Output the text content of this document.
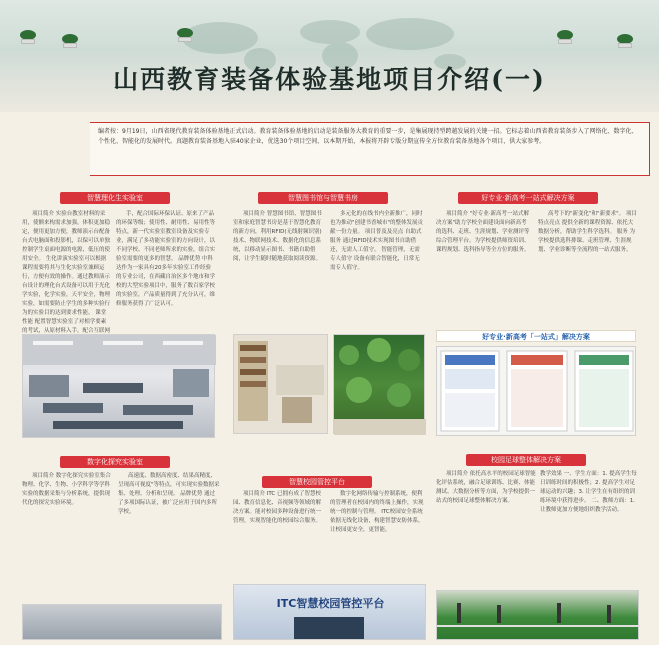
山西教育装备体验基地项目介绍(一)
编者按：9月19日，山西省现代教育装备体验基地正式启动。教育装备体验基地的启动是装备服务大教育的重要一步，是集展现持型跨越发展的关键一招。它标志着山西省教育装备步入了网络化、数字化、个性化、智能化的发展时代。真题教育装备基地入驻40家企业，优选30个项目空间，以本期开始，本报将开辟专版分期宣传全方位教育装备基地各个项目，供大家参考。
智慧理化生实验室	智慧图书馆与智慧书房	好专业·新高考一站式解决方案
项目简介 实验台教室材料的采用，使额来构需求加强，体积更加稳定，便用更加方便，教师演示台配备台式电脑面和投影机，以保可以单独控制学生桌面电源的电源，低压的使用安全。 生化讲演实验室可以根据课程需要将其与生化实验室兼顾运行，方便有效的操作。通过教师演示台设计的理化台式设备可以用于光化学实验，化学实验，天平安全，物理实验，如需要防止学生的多种实验行为的实验目的达到要求性能。 课堂性能 配置智慧实验室了对相学要素的考试，从原材料入手，配合互联网
手，配合国际环保认证、原来了产品的环保等级；使用性、耐用性、易用性等特点，新一代实验室教室设备及实验专业，满足了多功能实验室的方向设计，以不同学校、不同老师所求的实验，组合实验室需要的更多的智慧。 品牌优势 中科达作为一家具有20多年实验室工作经验的专业公司，在西藏自治区多个地市和学校的大型实验项目中，服务了数百家学校的实验室，产品质量得到了充分认可，维修服务获得了广泛认可。
项目简介 智慧图书馆、智慧图书室和家庭智慧书房是基于智慧化教育的新方向，利用RFID(无线射频识别)技术、物联网技术、数据化的信息系统，以移动显示图书、书籍自助借阅，让学生随时随地获取阅读资源。
多元化的在线书内全新推广，同时也为推动"创建书香城市"的整体发展贡献一份力量。 项目普及及亮点 自助式服务 通过RFID技术实现图书自助借还，无需人工值守。 智能管理，无需专人值守 设备有联合智能化，日常无需专人值守。
项目简介 "好专业·新高考一站式解决方案"助力学校全面建设面向新高考的选科、走班、生涯规划、学业测评等综合管理平台。为学校提供师资培训、课程规划、选科指导等全方位的服务。
高考下的"新变化"和"新要求"。 项目特点亮点 提供全新的课程资源、依托大数据分析，帮助学生科学选科。 服务 为学校提供选科排课、走班管理、生涯规划、学业诊断等全流程的一站式服务。
好专业·新高考「一站式」解决方案
数字化探究实验室
智慧校园管控平台
校园足球整体解决方案
项目简介 数字化探究实验室集合物理、化学、生物、小学科学等学科实验的数据采集与分析系统，提供现代化的探究实验环境。
高速度、数据高密度、结果高精度、呈现高可视度"等特点，可实现实验数据采集、处理、分析和呈现。 品牌优势 通过了多项国际认证，被广泛应用于国内多所学校。
项目简介 ITC 已拥有成了智慧校园、教育信息化、音视频等领域的解决方案。能对校园多种设备进行统一管理，实现智能化的校园综合服务。
数字化网络传输与控制系统，便利的管理者在校园内的终端上操作，实现统一的控制与管理。 ITC校园安全系统依据无线化设备，构建智慧安防体系，让校园更安全，更智能。
项目简介 依托高水平的校园足球智能化评估系统，融合足球训练、比赛、体能测试、大数据分析等方面，为学校提供一站式的校园足球整体解决方案。
教学效果 一、学生方面：1. 提高学生每日训练时间的积极性；2. 提高学生对足球运动的兴趣；3. 让学生在有组织的训练环境中获得进步。 二、教师方面：1. 让教师更加方便地组织教学活动。
ITC智慧校园管控平台
